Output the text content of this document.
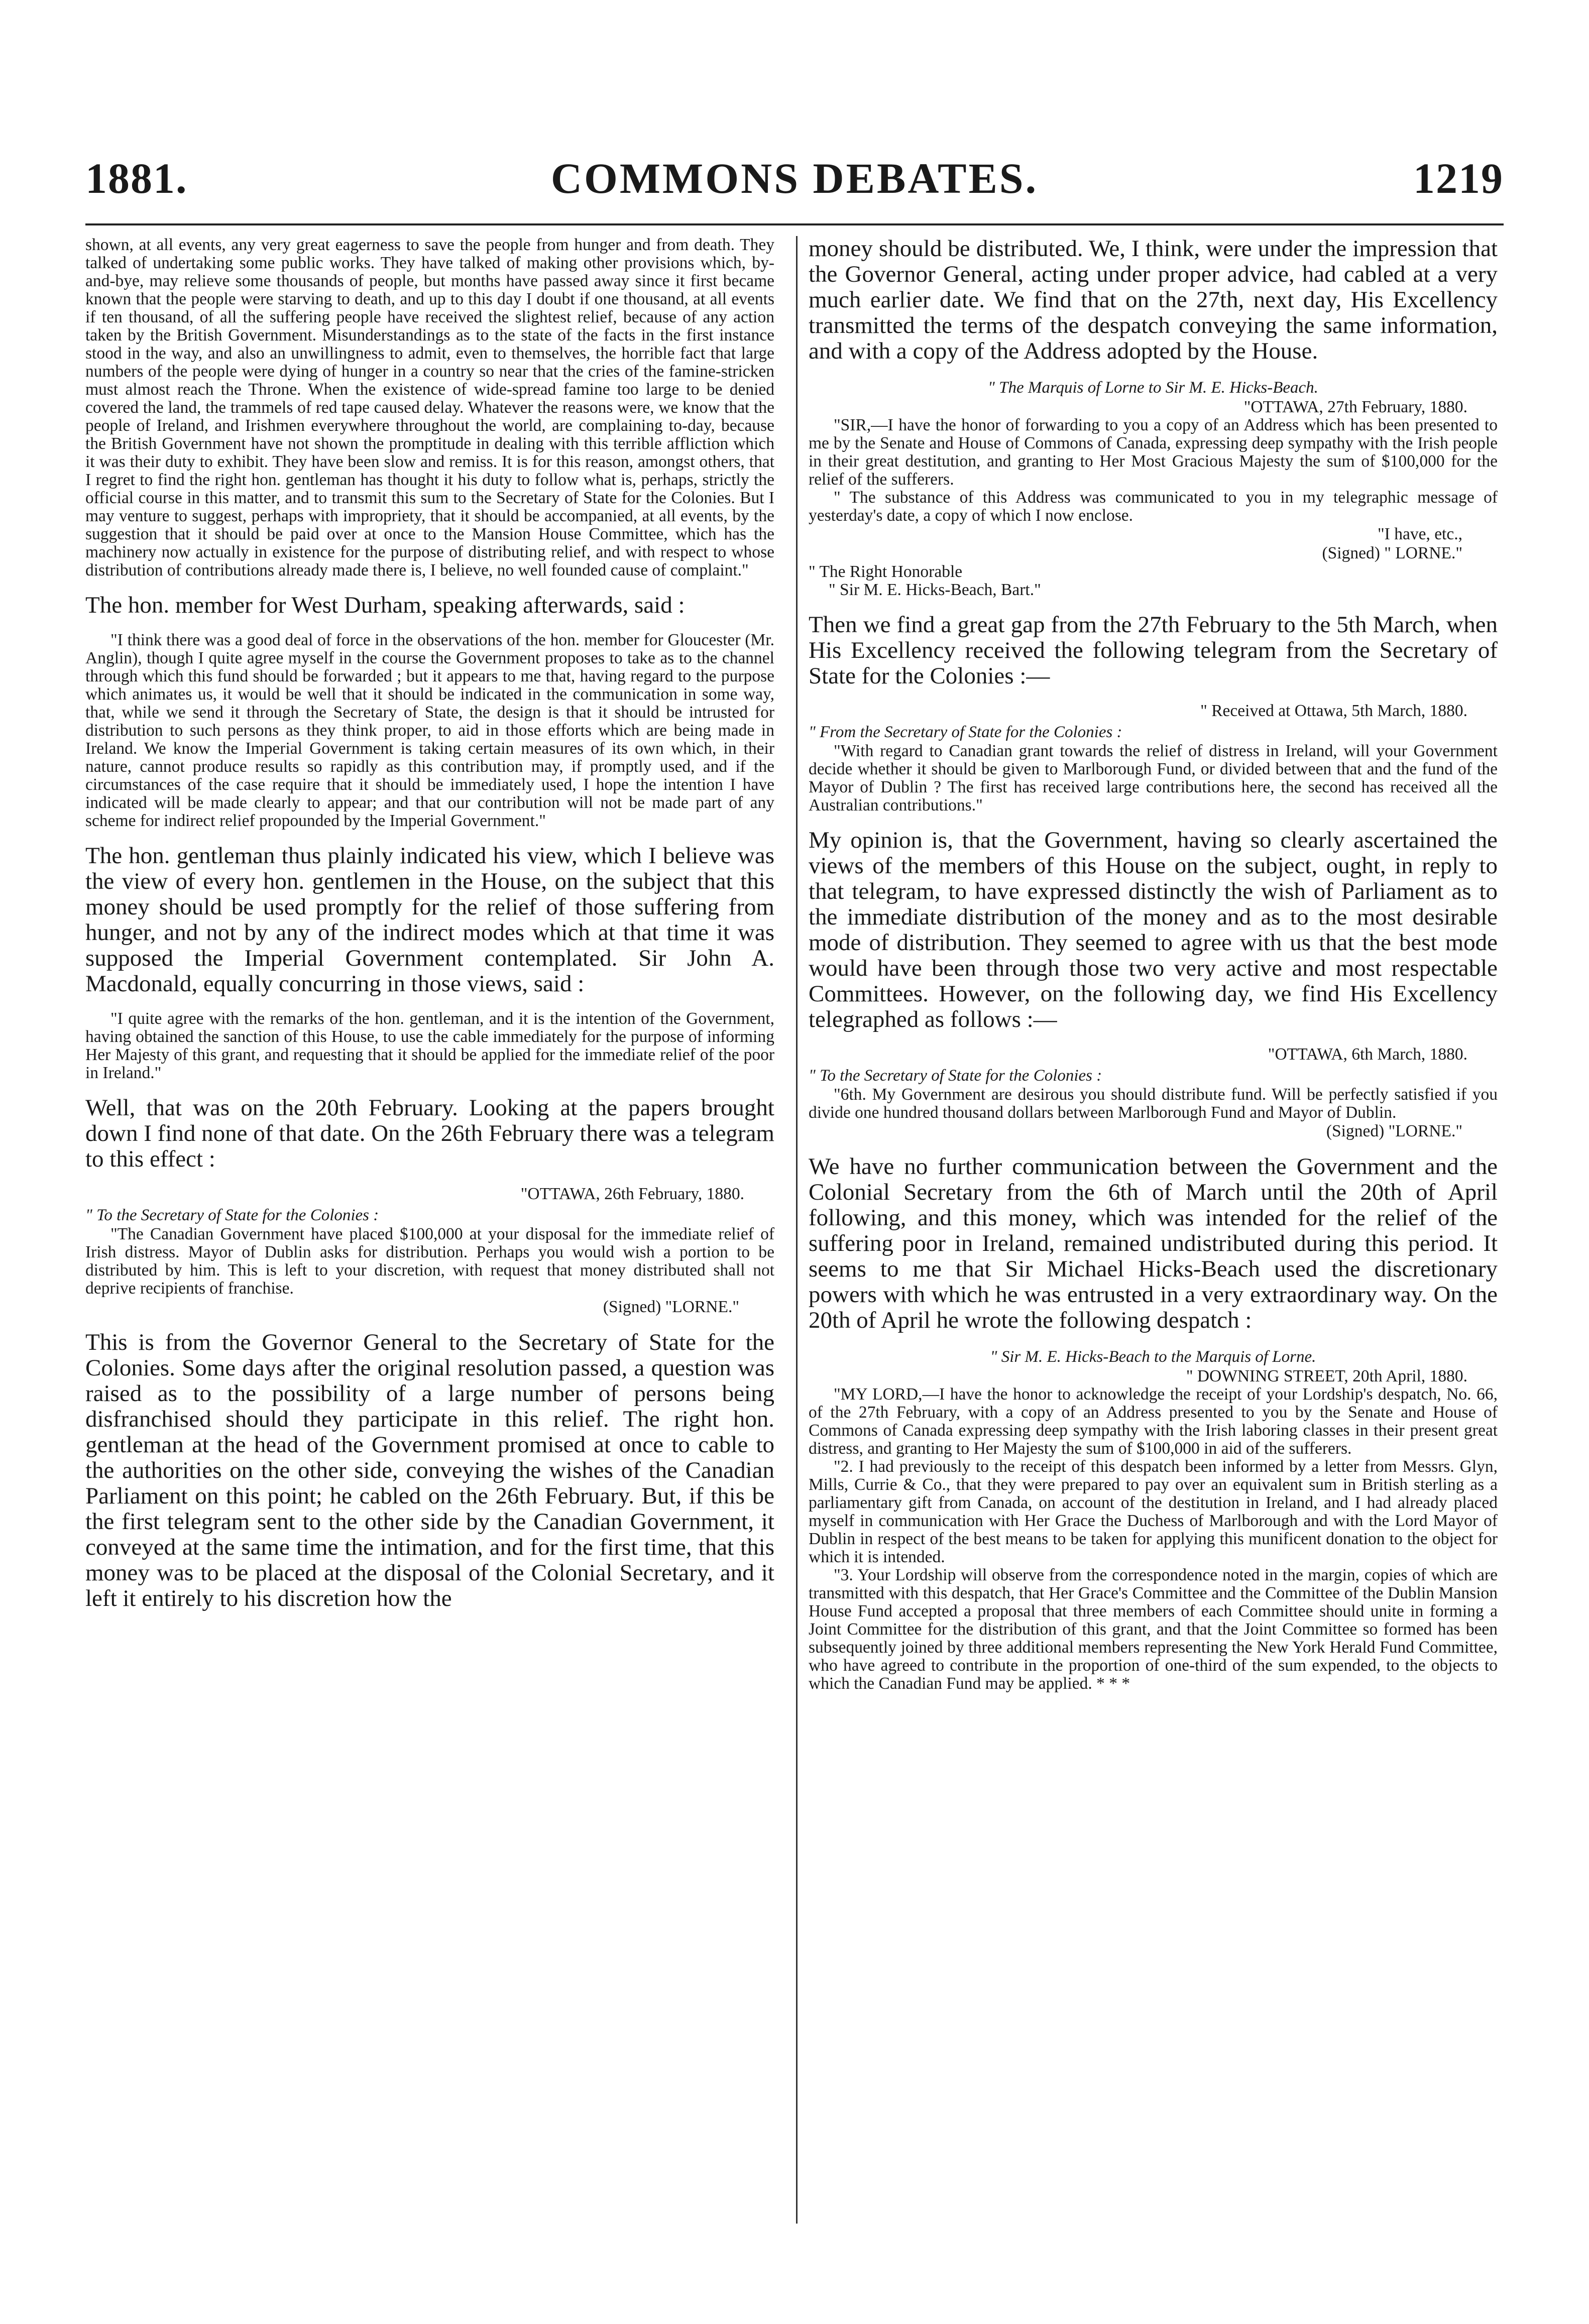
COMMONS DEBATES.
1881.	1219

shown, at all events, any very great eagerness to save the people from hunger and from death. They talked of undertaking some public works. They have talked of making other provisions which, by-and-bye, may relieve some thousands of people, but months have passed away since it first became known that the people were starving to death, and up to this day I doubt if one thousand, at all events if ten thousand, of all the suffering people have received the slightest relief, because of any action taken by the British Government. Misunderstandings as to the state of the facts in the first instance stood in the way, and also an unwillingness to admit, even to themselves, the horrible fact that large numbers of the people were dying of hunger in a country so near that the cries of the famine-stricken must almost reach the Throne. When the existence of wide-spread famine too large to be denied covered the land, the trammels of red tape caused delay. Whatever the reasons were, we know that the people of Ireland, and Irishmen everywhere throughout the world, are complaining to-day, because the British Government have not shown the promptitude in dealing with this terrible affliction which it was their duty to exhibit. They have been slow and remiss. It is for this reason, amongst others, that I regret to find the right hon. gentleman has thought it his duty to follow what is, perhaps, strictly the official course in this matter, and to transmit this sum to the Secretary of State for the Colonies. But I may venture to suggest, perhaps with impropriety, that it should be accompanied, at all events, by the suggestion that it should be paid over at once to the Mansion House Committee, which has the machinery now actually in existence for the purpose of distributing relief, and with respect to whose distribution of contributions already made there is, I believe, no well founded cause of complaint."

The hon. member for West Durham, speaking afterwards, said :

"I think there was a good deal of force in the observations of the hon. member for Gloucester (Mr. Anglin), though I quite agree myself in the course the Government proposes to take as to the channel through which this fund should be forwarded ; but it appears to me that, having regard to the purpose which animates us, it would be well that it should be indicated in the communication in some way, that, while we send it through the Secretary of State, the design is that it should be intrusted for distribution to such persons as they think proper, to aid in those efforts which are being made in Ireland. We know the Imperial Government is taking certain measures of its own which, in their nature, cannot produce results so rapidly as this contribution may, if promptly used, and if the circumstances of the case require that it should be immediately used, I hope the intention I have indicated will be made clearly to appear; and that our contribution will not be made part of any scheme for indirect relief propounded by the Imperial Government."

The hon. gentleman thus plainly indicated his view, which I believe was the view of every hon. gentlemen in the House, on the subject that this money should be used promptly for the relief of those suffering from hunger, and not by any of the indirect modes which at that time it was supposed the Imperial Government contemplated. Sir John A. Macdonald, equally concurring in those views, said :

"I quite agree with the remarks of the hon. gentleman, and it is the intention of the Government, having obtained the sanction of this House, to use the cable immediately for the purpose of informing Her Majesty of this grant, and requesting that it should be applied for the immediate relief of the poor in Ireland."

Well, that was on the 20th February. Looking at the papers brought down I find none of that date. On the 26th February there was a telegram to this effect :

"OTTAWA, 26th February, 1880.

" To the Secretary of State for the Colonies :

"The Canadian Government have placed $100,000 at your disposal for the immediate relief of Irish distress. Mayor of Dublin asks for distribution. Perhaps you would wish a portion to be distributed by him. This is left to your discretion, with request that money distributed shall not deprive recipients of franchise.

(Signed) "LORNE."

This is from the Governor General to the Secretary of State for the Colonies. Some days after the original resolution passed, a question was raised as to the possibility of a large number of persons being disfranchised should they participate in this relief. The right hon. gentleman at the head of the Government promised at once to cable to the authorities on the other side, conveying the wishes of the Canadian Parliament on this point; he cabled on the 26th February. But, if this be the first telegram sent to the other side by the Canadian Government, it conveyed at the same time the intimation, and for the first time, that this money was to be placed at the disposal of the Colonial Secretary, and it left it entirely to his discretion how the

money should be distributed. We, I think, were under the impression that the Governor General, acting under proper advice, had cabled at a very much earlier date. We find that on the 27th, next day, His Excellency transmitted the terms of the despatch conveying the same information, and with a copy of the Address adopted by the House.

" The Marquis of Lorne to Sir M. E. Hicks-Beach.

"OTTAWA, 27th February, 1880.

"SIR,—I have the honor of forwarding to you a copy of an Address which has been presented to me by the Senate and House of Commons of Canada, expressing deep sympathy with the Irish people in their great destitution, and granting to Her Most Gracious Majesty the sum of $100,000 for the relief of the sufferers.

" The substance of this Address was communicated to you in my telegraphic message of yesterday's date, a copy of which I now enclose.

"I have, etc.,

(Signed) " LORNE."

" The Right Honorable

" Sir M. E. Hicks-Beach, Bart."

Then we find a great gap from the 27th February to the 5th March, when His Excellency received the following telegram from the Secretary of State for the Colonies :—

" Received at Ottawa, 5th March, 1880.

" From the Secretary of State for the Colonies :

"With regard to Canadian grant towards the relief of distress in Ireland, will your Government decide whether it should be given to Marlborough Fund, or divided between that and the fund of the Mayor of Dublin ? The first has received large contributions here, the second has received all the Australian contributions."

My opinion is, that the Government, having so clearly ascertained the views of the members of this House on the subject, ought, in reply to that telegram, to have expressed distinctly the wish of Parliament as to the immediate distribution of the money and as to the most desirable mode of distribution. They seemed to agree with us that the best mode would have been through those two very active and most respectable Committees. However, on the following day, we find His Excellency telegraphed as follows :—

"OTTAWA, 6th March, 1880.

" To the Secretary of State for the Colonies :

"6th. My Government are desirous you should distribute fund. Will be perfectly satisfied if you divide one hundred thousand dollars between Marlborough Fund and Mayor of Dublin.

(Signed) "LORNE."

We have no further communication between the Government and the Colonial Secretary from the 6th of March until the 20th of April following, and this money, which was intended for the relief of the suffering poor in Ireland, remained undistributed during this period. It seems to me that Sir Michael Hicks-Beach used the discretionary powers with which he was entrusted in a very extraordinary way. On the 20th of April he wrote the following despatch :

" Sir M. E. Hicks-Beach to the Marquis of Lorne.

" DOWNING STREET, 20th April, 1880.

"MY LORD,—I have the honor to acknowledge the receipt of your Lordship's despatch, No. 66, of the 27th February, with a copy of an Address presented to you by the Senate and House of Commons of Canada expressing deep sympathy with the Irish laboring classes in their present great distress, and granting to Her Majesty the sum of $100,000 in aid of the sufferers.

"2. I had previously to the receipt of this despatch been informed by a letter from Messrs. Glyn, Mills, Currie & Co., that they were prepared to pay over an equivalent sum in British sterling as a parliamentary gift from Canada, on account of the destitution in Ireland, and I had already placed myself in communication with Her Grace the Duchess of Marlborough and with the Lord Mayor of Dublin in respect of the best means to be taken for applying this munificent donation to the object for which it is intended.

"3. Your Lordship will observe from the correspondence noted in the margin, copies of which are transmitted with this despatch, that Her Grace's Committee and the Committee of the Dublin Mansion House Fund accepted a proposal that three members of each Committee should unite in forming a Joint Committee for the distribution of this grant, and that the Joint Committee so formed has been subsequently joined by three additional members representing the New York Herald Fund Committee, who have agreed to contribute in the proportion of one-third of the sum expended, to the objects to which the Canadian Fund may be applied. * * *
